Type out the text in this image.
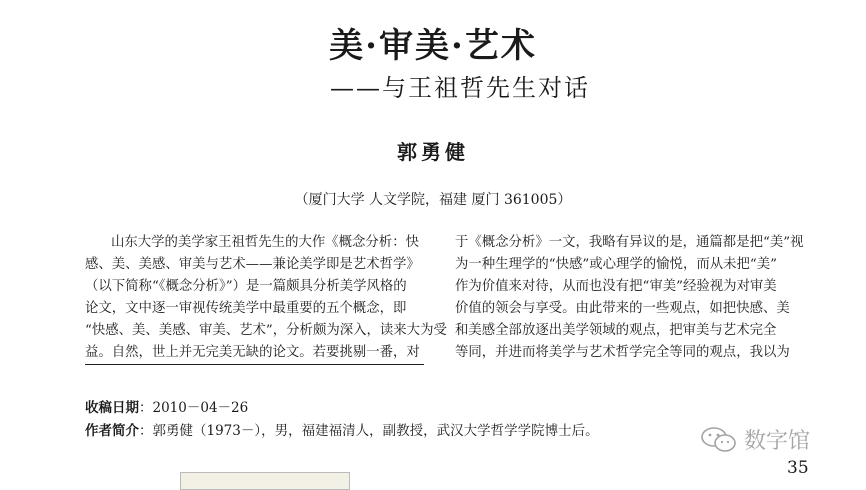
美·审美·艺术
——与王祖哲先生对话
郭勇健
（厦门大学 人文学院，福建 厦门 361005）
山东大学的美学家王祖哲先生的大作《概念分析：快
感、美、美感、审美与艺术——兼论美学即是艺术哲学》
（以下简称“《概念分析》”）是一篇颇具分析美学风格的
论文，文中逐一审视传统美学中最重要的五个概念，即
“快感、美、美感、审美、艺术”，分析颇为深入，读来大为受
益。自然，世上并无完美无缺的论文。若要挑剔一番，对
于《概念分析》一文，我略有异议的是，通篇都是把“美”视
为一种生理学的“快感”或心理学的愉悦，而从未把“美”
作为价值来对待，从而也没有把“审美”经验视为对审美
价值的领会与享受。由此带来的一些观点，如把快感、美
和美感全部放逐出美学领域的观点，把审美与艺术完全
等同，并进而将美学与艺术哲学完全等同的观点，我以为
收稿日期：2010－04－26
作者简介：郭勇健（1973－），男，福建福清人，副教授，武汉大学哲学学院博士后。	数字馆
35
